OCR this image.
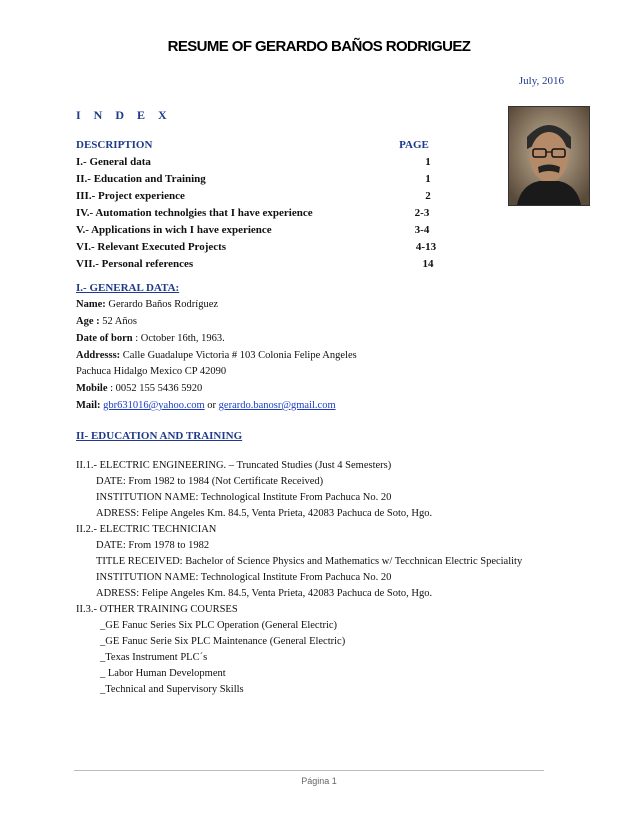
RESUME OF GERARDO BAÑOS RODRIGUEZ
July, 2016
I N D E X
DESCRIPTION	PAGE
I.- General data	1
II.- Education and Training	1
III.- Project experience	2
IV.- Automation technolgies that I have experience	2-3
V.- Applications in wich I have experience	3-4
VI.- Relevant Executed Projects	4-13
VII.- Personal references	14
I.- GENERAL DATA:
Name: Gerardo Baños Rodríguez
Age : 52 Años
Date of born : October 16th, 1963.
Addresss: Calle Guadalupe Victoria # 103 Colonia Felipe Angeles
Pachuca Hidalgo Mexico CP 42090
Mobile : 0052 155 5436 5920
Mail: gbr631016@yahoo.com or gerardo.banosr@gmail.com
II- EDUCATION AND TRAINING
II.1.- ELECTRIC ENGINEERING. – Truncated Studies (Just 4 Semesters)
DATE: From 1982 to 1984 (Not Certificate Received)
INSTITUTION NAME: Technological Institute From Pachuca No. 20
ADRESS: Felipe Angeles Km. 84.5, Venta Prieta, 42083 Pachuca de Soto, Hgo.
II.2.- ELECTRIC TECHNICIAN
DATE: From 1978 to 1982
TITLE RECEIVED: Bachelor of Science Physics and Mathematics w/ Tecchnican Electric Speciality
INSTITUTION NAME: Technological Institute From Pachuca No. 20
ADRESS: Felipe Angeles Km. 84.5, Venta Prieta, 42083 Pachuca de Soto, Hgo.
II.3.- OTHER TRAINING COURSES
_GE Fanuc Series Six PLC Operation (General Electric)
_GE Fanuc Serie Six PLC Maintenance (General Electric)
_Texas Instrument PLC´s
_ Labor Human Development
_Technical and Supervisory Skills
Página 1
